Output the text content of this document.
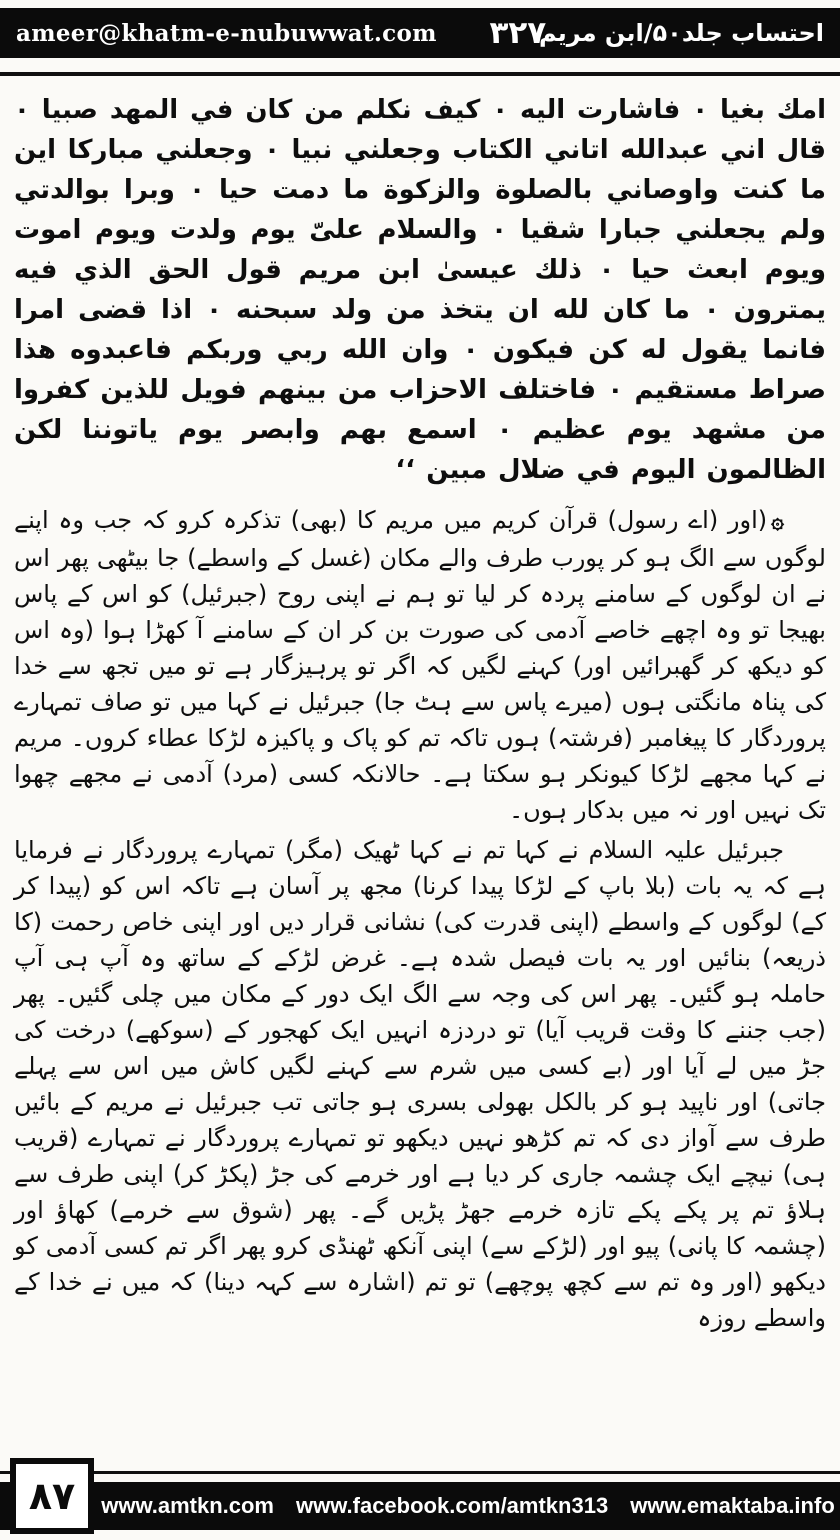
ameer@khatm-e-nubuwwat.com ۳۲۷
احتساب جلد۵۰/ابن مریم

امك بغيا ٠ فاشارت اليه ٠ كيف نكلم من كان في المهد صبيا ٠ قال اني عبدالله اتاني الكتاب وجعلني نبيا ٠ وجعلني مباركا اين ما كنت واوصاني بالصلوة والزكوة ما دمت حيا ٠ وبرا بوالدتي ولم يجعلني جبارا شقيا ٠ والسلام علىّ يوم ولدت ويوم اموت ويوم ابعث حيا ٠ ذلك عيسىٰ ابن مريم قول الحق الذي فيه يمترون ٠ ما كان لله ان يتخذ من ولد سبحنه ٠ اذا قضى امرا فانما يقول له كن فيكون ٠ وان الله ربي وربكم فاعبدوه هذا صراط مستقيم ٠ فاختلف الاحزاب من بينهم فويل للذين كفروا من مشهد يوم عظيم ٠ اسمع بهم وابصر يوم ياتوننا لكن الظالمون اليوم في ضلال مبين ‘‘

۞(اور (اے رسول) قرآن کریم میں مریم کا (بھی) تذکرہ کرو کہ جب وہ اپنے لوگوں سے الگ ہو کر پورب طرف والے مکان (غسل کے واسطے) جا بیٹھی پھر اس نے ان لوگوں کے سامنے پردہ کر لیا تو ہم نے اپنی روح (جبرئیل) کو اس کے پاس بھیجا تو وہ اچھے خاصے آدمی کی صورت بن کر ان کے سامنے آ کھڑا ہوا (وہ اس کو دیکھ کر گھبرائیں اور) کہنے لگیں کہ اگر تو پرہیزگار ہے تو میں تجھ سے خدا کی پناہ مانگتی ہوں (میرے پاس سے ہٹ جا) جبرئیل نے کہا میں تو صاف تمہارے پروردگار کا پیغامبر (فرشتہ) ہوں تاکہ تم کو پاک و پاکیزہ لڑکا عطاء کروں۔ مریم نے کہا مجھے لڑکا کیونکر ہو سکتا ہے۔ حالانکہ کسی (مرد) آدمی نے مجھے چھوا تک نہیں اور نہ میں بدکار ہوں۔

جبرئیل علیہ السلام نے کہا تم نے کہا ٹھیک (مگر) تمہارے پروردگار نے فرمایا ہے کہ یہ بات (بلا باپ کے لڑکا پیدا کرنا) مجھ پر آسان ہے تاکہ اس کو (پیدا کر کے) لوگوں کے واسطے (اپنی قدرت کی) نشانی قرار دیں اور اپنی خاص رحمت (کا ذریعہ) بنائیں اور یہ بات فیصل شدہ ہے۔ غرض لڑکے کے ساتھ وہ آپ ہی آپ حاملہ ہو گئیں۔ پھر اس کی وجہ سے الگ ایک دور کے مکان میں چلی گئیں۔ پھر (جب جننے کا وقت قریب آیا) تو دردزہ انہیں ایک کھجور کے (سوکھے) درخت کی جڑ میں لے آیا اور (بے کسی میں شرم سے کہنے لگیں کاش میں اس سے پہلے جاتی) اور ناپید ہو کر بالکل بھولی بسری ہو جاتی تب جبرئیل نے مریم کے بائیں طرف سے آواز دی کہ تم کڑھو نہیں دیکھو تو تمہارے پروردگار نے تمہارے (قریب ہی) نیچے ایک چشمہ جاری کر دیا ہے اور خرمے کی جڑ (پکڑ کر) اپنی طرف سے ہلاؤ تم پر پکے پکے تازہ خرمے جھڑ پڑیں گے۔ پھر (شوق سے خرمے) کھاؤ اور (چشمہ کا پانی) پیو اور (لڑکے سے) اپنی آنکھ ٹھنڈی کرو پھر اگر تم کسی آدمی کو دیکھو (اور وہ تم سے کچھ پوچھے) تو تم (اشارہ سے کہہ دینا) کہ میں نے خدا کے واسطے روزہ

www.amtkn.com www.facebook.com/amtkn313 www.emaktaba.info
۸۷
